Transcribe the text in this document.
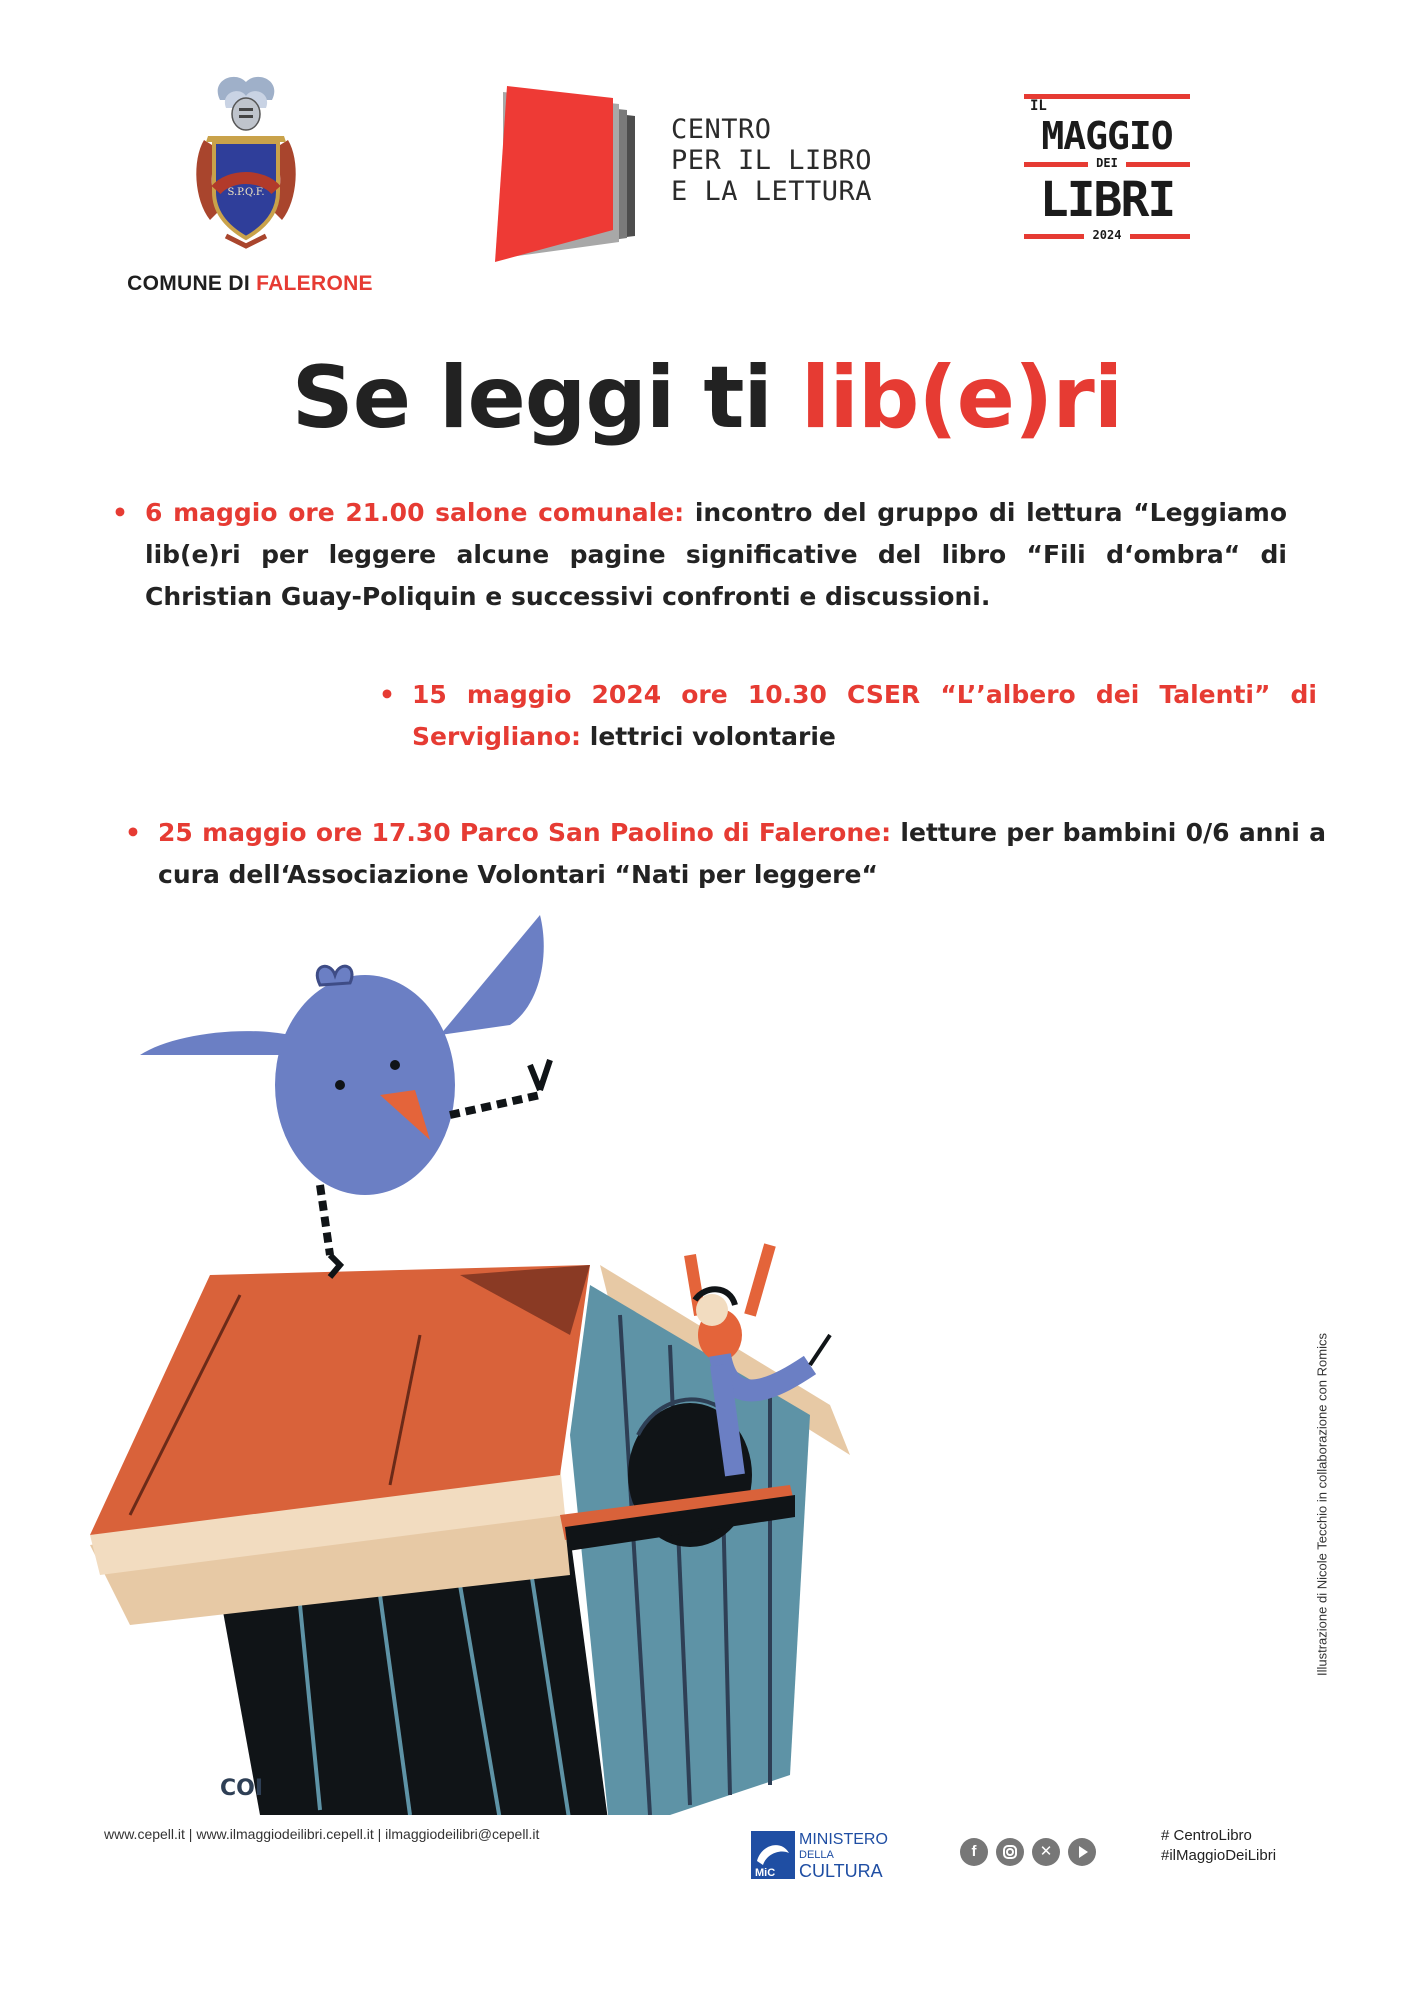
S.P.Q.F.
COMUNE DI FALERONE
CENTRO
PER IL LIBRO
E LA LETTURA
IL
MAGGIO
DEI
LIBRI
2024
Se leggi ti lib(e)ri
• 6 maggio ore 21.00 salone comunale: incontro del gruppo di lettura “Leggiamo lib(e)ri per leggere alcune pagine significative del libro “Fili d‘ombra“ di Christian Guay-Poliquin e successivi confronti e discussioni.
• 15 maggio 2024 ore 10.30 CSER “L’’albero dei Talenti” di Servigliano: lettrici volontarie
• 25 maggio ore 17.30 Parco San Paolino di Falerone: letture per bambini 0/6 anni a cura dell‘Associazione Volontari “Nati per leggere“
COI
Illustrazione di Nicole Tecchio in collaborazione con Romics
www.cepell.it | www.ilmaggiodeilibri.cepell.it | ilmaggiodeilibri@cepell.it
MiC
MINISTERO
DELLA
CULTURA
f	✕
# CentroLibro
#ilMaggioDeiLibri
